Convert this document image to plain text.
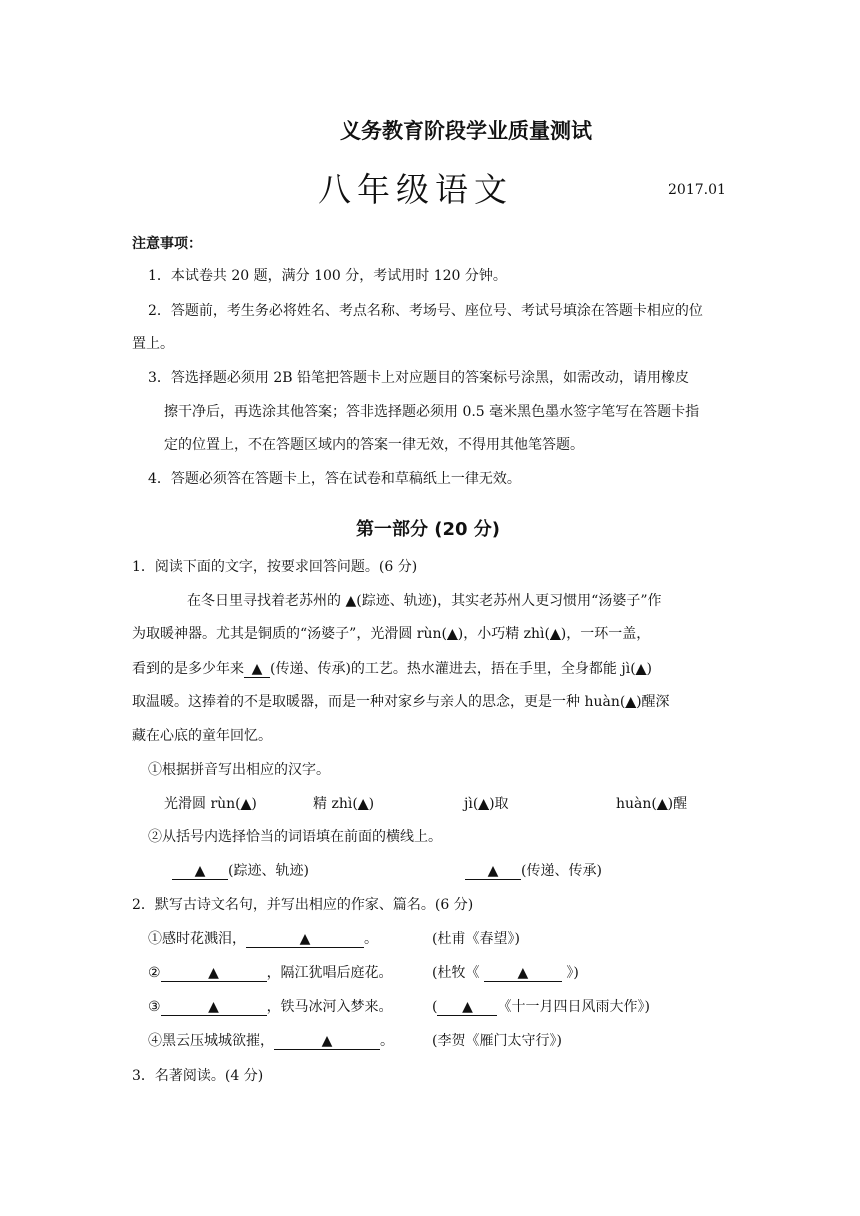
义务教育阶段学业质量测试
八年级语文	2017.01
注意事项：
1．本试卷共 20 题，满分 100 分，考试用时 120 分钟。
2．答题前，考生务必将姓名、考点名称、考场号、座位号、考试号填涂在答题卡相应的位
置上。
3．答选择题必须用 2B 铅笔把答题卡上对应题目的答案标号涂黑，如需改动，请用橡皮
擦干净后，再选涂其他答案；答非选择题必须用 0.5 毫米黑色墨水签字笔写在答题卡指
定的位置上，不在答题区域内的答案一律无效，不得用其他笔答题。
4．答题必须答在答题卡上，答在试卷和草稿纸上一律无效。
第一部分 (20 分)
1．阅读下面的文字，按要求回答问题。(6 分)
在冬日里寻找着老苏州的 ▲(踪迹、轨迹)，其实老苏州人更习惯用“汤婆子”作
为取暖神器。尤其是铜质的“汤婆子”，光滑圆 rùn(▲)，小巧精 zhì(▲)，一环一盖，
看到的是多少年来 ▲ (传递、传承)的工艺。热水灌进去，捂在手里，全身都能 jì(▲)
取温暖。这捧着的不是取暖器，而是一种对家乡与亲人的思念，更是一种 huàn(▲)醒深
藏在心底的童年回忆。
①根据拼音写出相应的汉字。
光滑圆 rùn(▲)	精 zhì(▲)	jì(▲)取	huàn(▲)醒
②从括号内选择恰当的词语填在前面的横线上。
▲ (踪迹、轨迹)	▲ (传递、传承)
2．默写古诗文名句，并写出相应的作家、篇名。(6 分)
①感时花溅泪，	▲	。	(杜甫《春望》)
②	▲	，隔江犹唱后庭花。	(杜牧《 ▲ 》)
③	▲	，铁马冰河入梦来。	( ▲ 《十一月四日风雨大作》)
④黑云压城城欲摧，	▲	。	(李贺《雁门太守行》)
3．名著阅读。(4 分)
